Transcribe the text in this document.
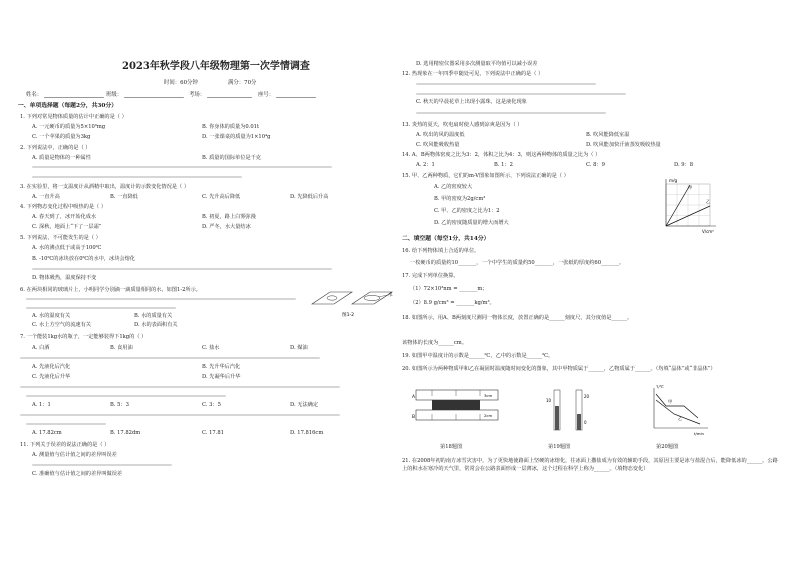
2023年秋学段八年级物理第一次学情调查
时间：60分钟	满分：70分
姓名：	班级：	考场：	座号：
一、单项选择题（每题2分，共30分）
1. 下列对常见物体质量的估计中正确的是（ ）
A. 一元硬币的质量为5×10³mg	B. 你身体的质量为0.01t
C. 一个苹果的质量为3kg	D. 一张课桌的质量为1×10⁴g
2. 下列说法中，正确的是（ ）
A. 质量是物体的一种属性	B. 质量的国际单位是千克
3. 在实验里，将一支温度计从酒精中取出，温度计的示数变化情况是（ ）
A. 一直升高	B. 一直降低	C. 先升高后降低	D. 先降低后升高
4. 下列物态变化过程中吸热的是（ ）
A. 春天到了，冰开始化成水	B. 初夏，路上白雾弥漫
C. 深秋，地面上“下了一层霜”	D. 严冬，水大量结冰
5. 下列说法，不可能发生的是（ ）
A. 水的沸点低于或高于100℃
B. -10℃的冰块放在0℃的水中，冰块会熔化
D. 物体吸热，温度保持不变
6. 在两块相同的玻璃片上，小明同学分别滴一滴质量相同的水，如图1-2所示。
A. 水的温度有关	B. 水的质量有关
C. 水上方空气的流速有关	D. 水的表面积有关
水
图1-2
7. 一个能装1kg水的瓶子，一定能够装得下1kg的（ ）
A. 白酒	B. 食用油	C. 盐水	D. 煤油
A. 先液化后汽化	B. 先升华后汽化
C. 先液化后升华	D. 先凝华后升华
A. 1：1	B. 5：3	C. 3：5	D. 无法确定
A. 17.82cm	B. 17.82dm	C. 17.81	D. 17.816cm
11. 下列关于误差的说法正确的是（ ）
A. 测量值与估计值之间的差异叫误差
C. 准确值与估计值之间的差异叫做误差
D. 选用精密仪器采用多次测量取平均值可以减小误差
12. 热现象在一年四季中随处可见，下列说法中正确的是（ ）
C. 秋天的早晨花草上出现小露珠，这是液化现象
13. 炎热的夏天，吹电扇时使人感到凉爽是因为（ ）
A. 吹出的风的温度低	B. 吹风能降低室温
C. 吹风能吸收热量	D. 吹风能加快汗液蒸发吸收热量
14. A、B两物体密度之比为3：2，体积之比为4：3，则这两种物体的质量之比为（ ）
A. 2：1	B. 1：2	C. 8：9	D. 9：8
15. 甲、乙两种物质，它们的m-V图象如图所示，下列说法正确的是（ ）
A. 乙的密度较大
B. 甲的密度为2g/cm³
C. 甲、乙的密度之比为1：2
D. 乙的密度随质量的增大而增大
m/g
V/cm³
甲
乙
二、填空题（每空1分，共14分）
16. 给下列物体填上合适的单位。
一枚硬币的质量约10_______，一个中学生的质量约50_______，一张纸的厚度约60_______。
17. 完成下列单位换算。
（1）72×10³nm = _______m；
（2）8.9 g/cm³ = _______kg/m³。
18. 如图所示，用A、B两刻度尺测同一物体长度，放置正确的是______刻度尺，其分度值是______。
该物体的长度为______cm。
19. 如图甲中温度计的示数是______℃，乙中的示数是______℃。
20. 如图所示为两种物质甲和乙在凝固时温度随时间变化的图象，其中甲物质属于______，乙物质属于______。（均填“晶体”或“非晶体”）
A
B
3cm
2cm
第18题图
10
20
0
第19题图
T/℃
t/min
甲
乙
第20题图
21. 在2008年初的南方冰雪灾害中，为了更快地使路面上坚硬的冰熔化，往冰面上撒盐成为有效的辅助手段，其原因主要是冰与盐混合后，能降低冰的______。公路上的积水在寒冷的天气里，常常会在公路表面形成一层薄冰，这个过程在科学上称为______。（填物态变化）
